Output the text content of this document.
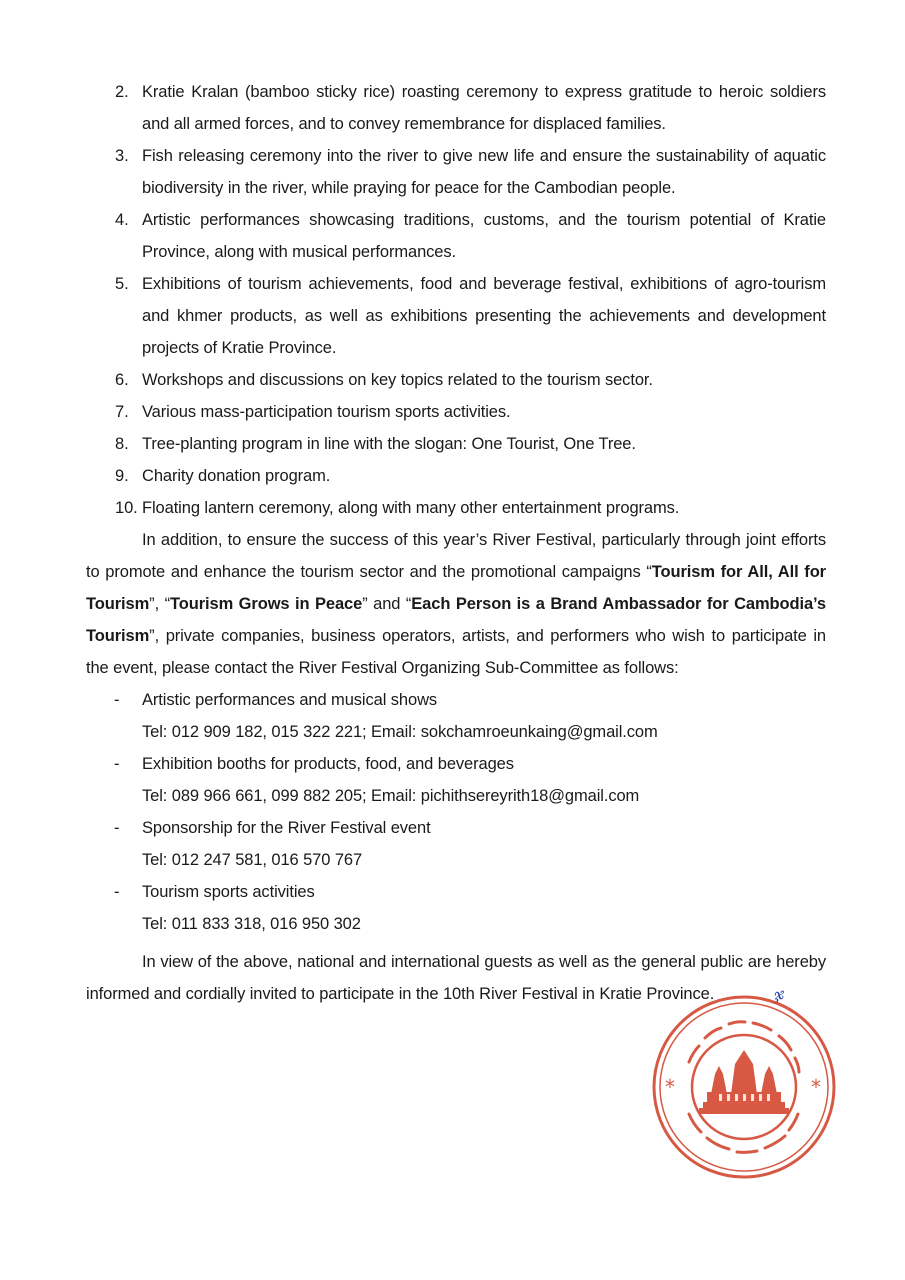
2. Kratie Kralan (bamboo sticky rice) roasting ceremony to express gratitude to heroic soldiers and all armed forces, and to convey remembrance for displaced families.
3. Fish releasing ceremony into the river to give new life and ensure the sustainability of aquatic biodiversity in the river, while praying for peace for the Cambodian people.
4. Artistic performances showcasing traditions, customs, and the tourism potential of Kratie Province, along with musical performances.
5. Exhibitions of tourism achievements, food and beverage festival, exhibitions of agro-tourism and khmer products, as well as exhibitions presenting the achievements and development projects of Kratie Province.
6. Workshops and discussions on key topics related to the tourism sector.
7. Various mass-participation tourism sports activities.
8. Tree-planting program in line with the slogan: One Tourist, One Tree.
9. Charity donation program.
10. Floating lantern ceremony, along with many other entertainment programs.

In addition, to ensure the success of this year’s River Festival, particularly through joint efforts to promote and enhance the tourism sector and the promotional campaigns “Tourism for All, All for Tourism”, “Tourism Grows in Peace” and “Each Person is a Brand Ambassador for Cambodia’s Tourism”, private companies, business operators, artists, and performers who wish to participate in the event, please contact the River Festival Organizing Sub-Committee as follows:

- Artistic performances and musical shows
Tel: 012 909 182, 015 322 221; Email: sokchamroeunkaing@gmail.com
- Exhibition booths for products, food, and beverages
Tel: 089 966 661, 099 882 205; Email: pichithsereyrith18@gmail.com
- Sponsorship for the River Festival event
Tel: 012 247 581, 016 570 767
- Tourism sports activities
Tel: 011 833 318, 016 950 302

In view of the above, national and international guests as well as the general public are hereby informed and cordially invited to participate in the 10th River Festival in Kratie Province.	ჯ

*	*
